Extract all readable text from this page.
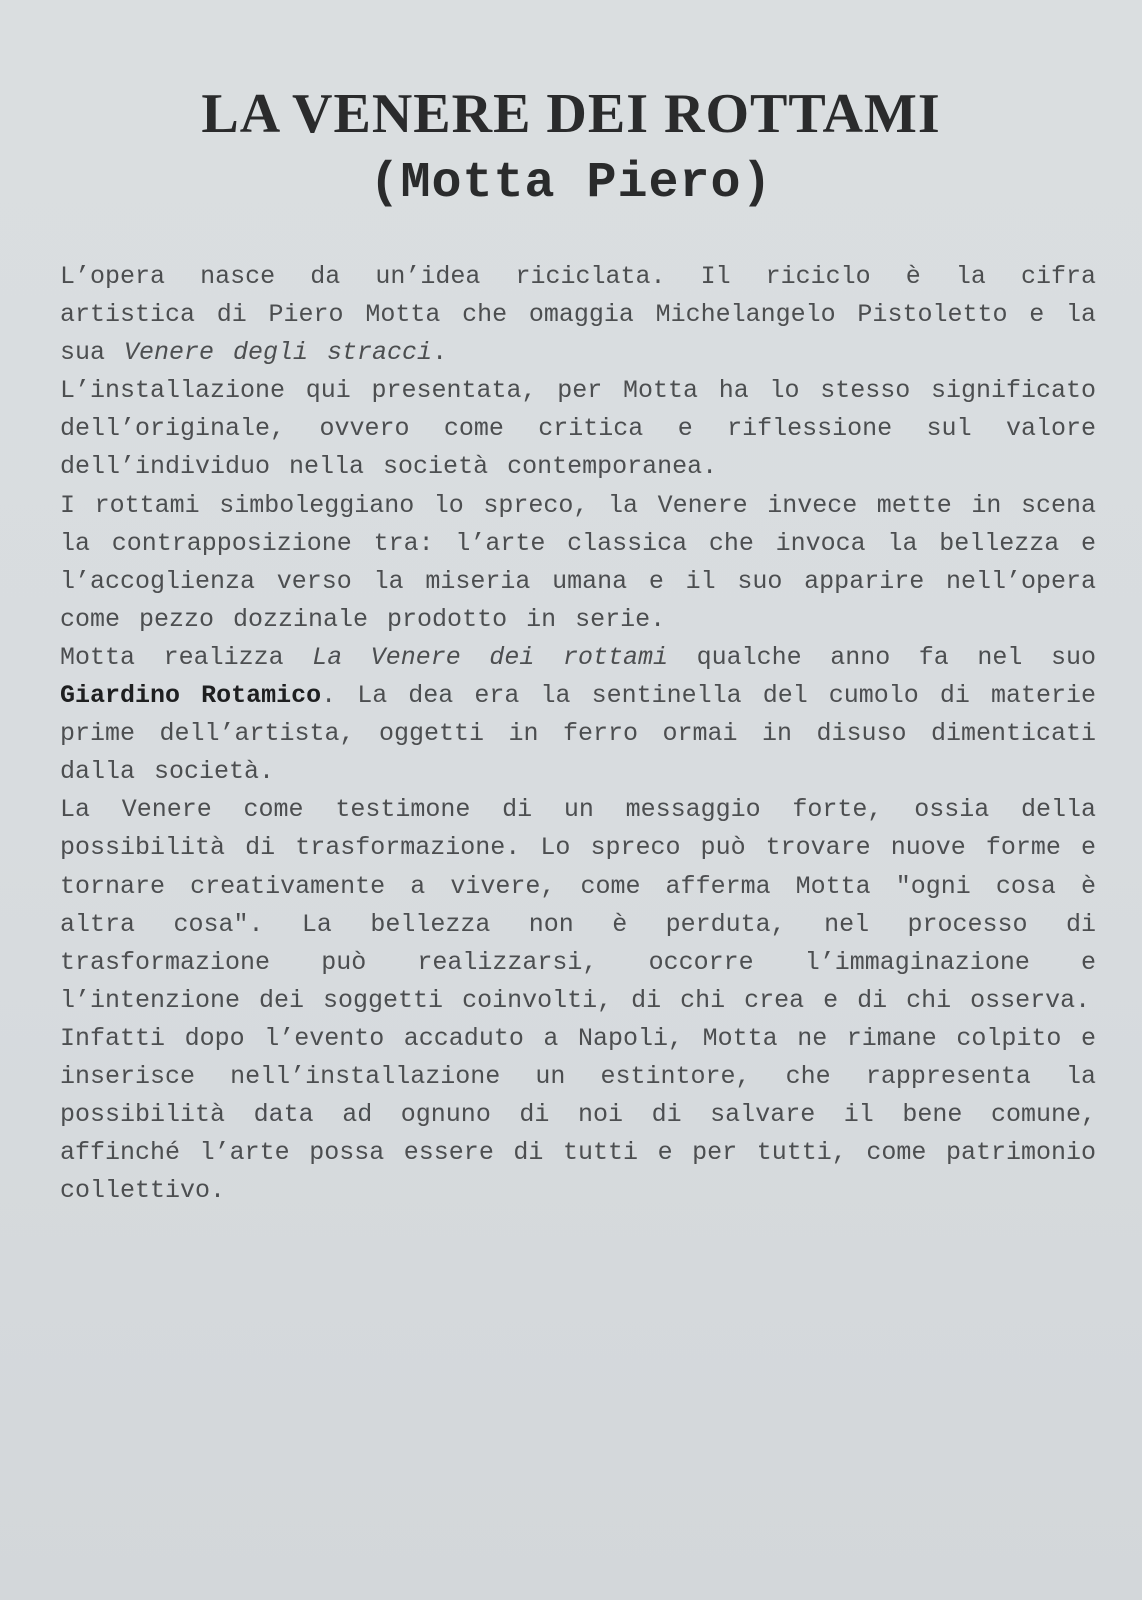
LA VENERE DEI ROTTAMI
(Motta Piero)

L’opera nasce da un’idea riciclata. Il riciclo è la cifra artistica di Piero Motta che omaggia Michelangelo Pistoletto e la sua Venere degli stracci.

L’installazione qui presentata, per Motta ha lo stesso significato dell’originale, ovvero come critica e riflessione sul valore dell’individuo nella società contemporanea.

I rottami simboleggiano lo spreco, la Venere invece mette in scena la contrapposizione tra: l’arte classica che invoca la bellezza e l’accoglienza verso la miseria umana e il suo apparire nell’opera come pezzo dozzinale prodotto in serie.

Motta realizza La Venere dei rottami qualche anno fa nel suo Giardino Rotamico. La dea era la sentinella del cumolo di materie prime dell’artista, oggetti in ferro ormai in disuso dimenticati dalla società.

La Venere come testimone di un messaggio forte, ossia della possibilità di trasformazione. Lo spreco può trovare nuove forme e tornare creativamente a vivere, come afferma Motta "ogni cosa è altra cosa". La bellezza non è perduta, nel processo di trasformazione può realizzarsi, occorre l’immaginazione e l’intenzione dei soggetti coinvolti, di chi crea e di chi osserva.

Infatti dopo l’evento accaduto a Napoli, Motta ne rimane colpito e inserisce nell’installazione un estintore, che rappresenta la possibilità data ad ognuno di noi di salvare il bene comune, affinché l’arte possa essere di tutti e per tutti, come patrimonio collettivo.
